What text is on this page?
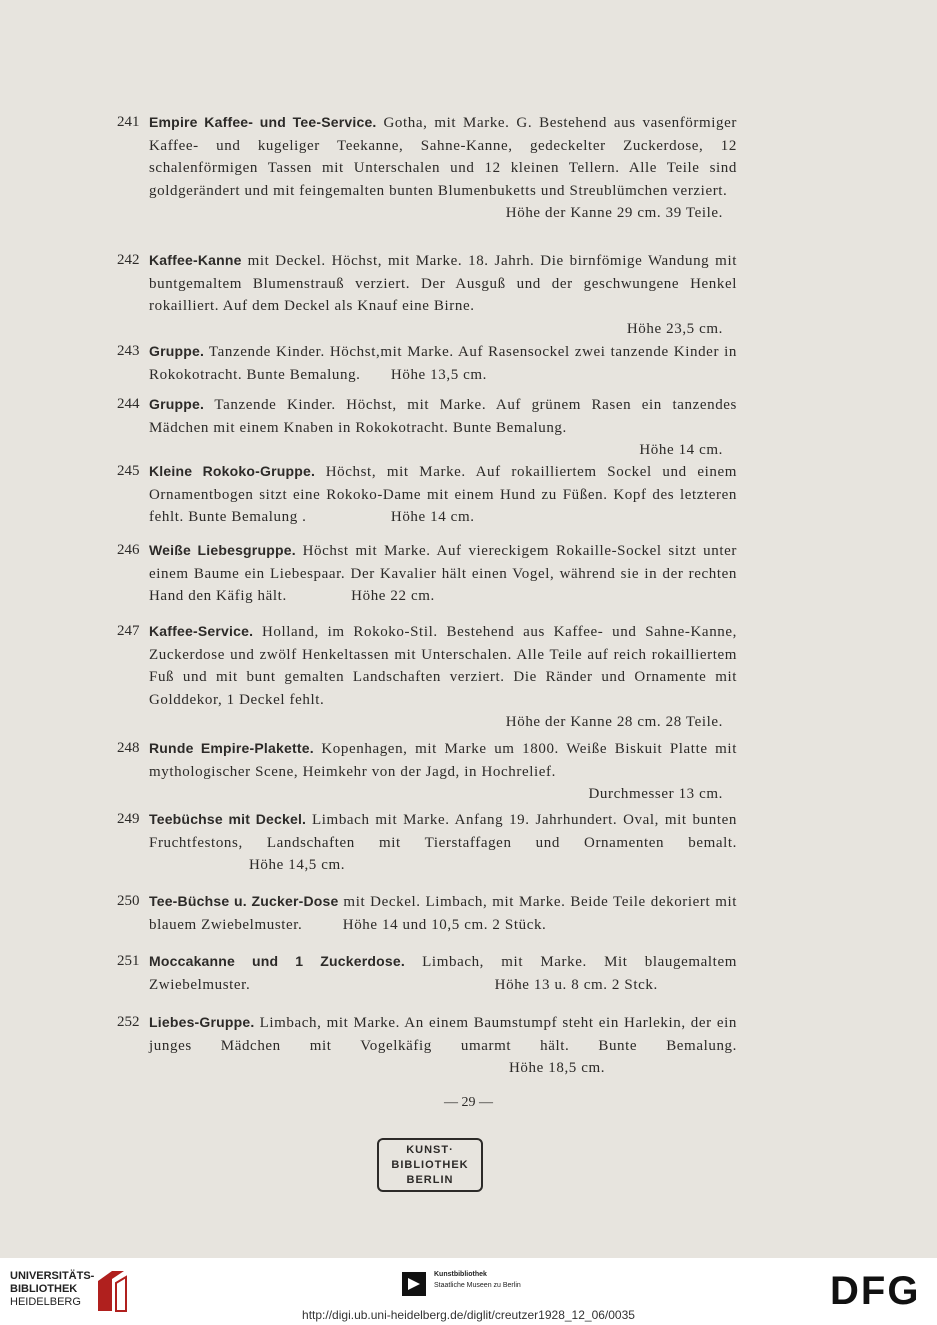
241 Empire Kaffee- und Tee-Service. Gotha, mit Marke. G. Bestehend aus vasenförmiger Kaffee- und kugeliger Teekanne, Sahne-Kanne, gedeckelter Zuckerdose, 12 schalenförmigen Tassen mit Unterschalen und 12 kleinen Tellern. Alle Teile sind goldgerändert und mit feingemalten bunten Blumenbuketts und Streublümchen verziert.
Höhe der Kanne 29 cm. 39 Teile.
242 Kaffee-Kanne mit Deckel. Höchst, mit Marke. 18. Jahrh. Die birnfömige Wandung mit buntgemaltem Blumenstrauß verziert. Der Ausguß und der geschwungene Henkel rokailliert. Auf dem Deckel als Knauf eine Birne.
Höhe 23,5 cm.
243 Gruppe. Tanzende Kinder. Höchst,mit Marke. Auf Rasensockel zwei tanzende Kinder in Rokokotracht. Bunte Bemalung. Höhe 13,5 cm.
244 Gruppe. Tanzende Kinder. Höchst, mit Marke. Auf grünem Rasen ein tanzendes Mädchen mit einem Knaben in Rokokotracht. Bunte Bemalung.
Höhe 14 cm.
245 Kleine Rokoko-Gruppe. Höchst, mit Marke. Auf rokailliertem Sockel und einem Ornamentbogen sitzt eine Rokoko-Dame mit einem Hund zu Füßen. Kopf des letzteren fehlt. Bunte Bemalung .	Höhe 14 cm.
246 Weiße Liebesgruppe. Höchst mit Marke. Auf viereckigem Rokaille-Sockel sitzt unter einem Baume ein Liebespaar. Der Kavalier hält einen Vogel, während sie in der rechten Hand den Käfig hält.	Höhe 22 cm.
247 Kaffee-Service. Holland, im Rokoko-Stil. Bestehend aus Kaffee- und Sahne-Kanne, Zuckerdose und zwölf Henkeltassen mit Unterschalen. Alle Teile auf reich rokailliertem Fuß und mit bunt gemalten Landschaften verziert. Die Ränder und Ornamente mit Golddekor, 1 Deckel fehlt.
Höhe der Kanne 28 cm. 28 Teile.
248 Runde Empire-Plakette. Kopenhagen, mit Marke um 1800. Weiße Biskuit Platte mit mythologischer Scene, Heimkehr von der Jagd, in Hochrelief.
Durchmesser 13 cm.
249 Teebüchse mit Deckel. Limbach mit Marke. Anfang 19. Jahrhundert. Oval, mit bunten Fruchtfestons, Landschaften mit Tierstaffagen und Ornamenten bemalt. Höhe 14,5 cm.
250 Tee-Büchse u. Zucker-Dose mit Deckel. Limbach, mit Marke. Beide Teile dekoriert mit blauem Zwiebelmuster.	Höhe 14 und 10,5 cm. 2 Stück.
251 Moccakanne und 1 Zuckerdose. Limbach, mit Marke. Mit blaugemaltem Zwiebelmuster.	Höhe 13 u. 8 cm. 2 Stck.
252 Liebes-Gruppe. Limbach, mit Marke. An einem Baumstumpf steht ein Harlekin, der ein junges Mädchen mit Vogelkäfig umarmt hält. Bunte Bemalung. Höhe 18,5 cm.
— 29 —
KUNST·
BIBLIOTHEK
BERLIN
UNIVERSITÄTS-
BIBLIOTHEK
HEIDELBERG
Kunstbibliothek
Staatliche Museen zu Berlin	DFG
http://digi.ub.uni-heidelberg.de/diglit/creutzer1928_12_06/0035
